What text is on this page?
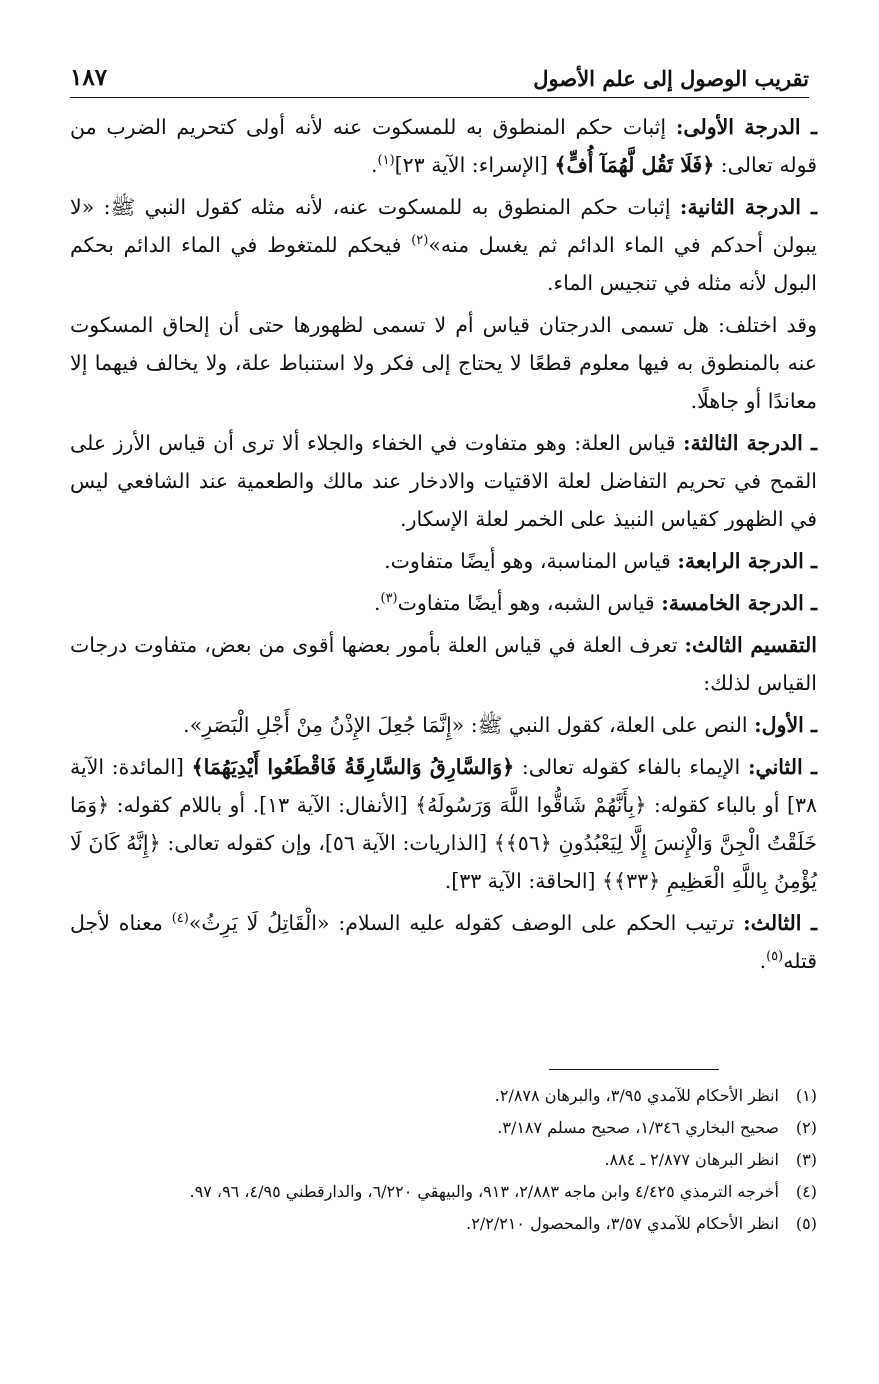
تقريب الوصول إلى علم الأصول
١٨٧

ـ الدرجة الأولى: إثبات حكم المنطوق به للمسكوت عنه لأنه أولى كتحريم الضرب من قوله تعالى: ﴿فَلَا تَقُل لَّهُمَآ أُفٍّ﴾ [الإسراء: الآية ٢٣]$^{(١)}$.

ـ الدرجة الثانية: إثبات حكم المنطوق به للمسكوت عنه، لأنه مثله كقول النبي ﷺ: «لا يبولن أحدكم في الماء الدائم ثم يغسل منه»$^{(٢)}$ فيحكم للمتغوط في الماء الدائم بحكم البول لأنه مثله في تنجيس الماء.

وقد اختلف: هل تسمى الدرجتان قياس أم لا تسمى لظهورها حتى أن إلحاق المسكوت عنه بالمنطوق به فيها معلوم قطعًا لا يحتاج إلى فكر ولا استنباط علة، ولا يخالف فيهما إلا معاندًا أو جاهلًا.

ـ الدرجة الثالثة: قياس العلة: وهو متفاوت في الخفاء والجلاء ألا ترى أن قياس الأرز على القمح في تحريم التفاضل لعلة الاقتيات والادخار عند مالك والطعمية عند الشافعي ليس في الظهور كقياس النبيذ على الخمر لعلة الإسكار.

ـ الدرجة الرابعة: قياس المناسبة، وهو أيضًا متفاوت.

ـ الدرجة الخامسة: قياس الشبه، وهو أيضًا متفاوت$^{(٣)}$.

التقسيم الثالث: تعرف العلة في قياس العلة بأمور بعضها أقوى من بعض، متفاوت درجات القياس لذلك:

ـ الأول: النص على العلة، كقول النبي ﷺ: «إِنَّمَا جُعِلَ الإِذْنُ مِنْ أَجْلِ الْبَصَرِ».

ـ الثاني: الإيماء بالفاء كقوله تعالى: ﴿وَالسَّارِقُ وَالسَّارِقَةُ فَاقْطَعُوا أَيْدِيَهُمَا﴾ [المائدة: الآية ٣٨] أو بالباء كقوله: ﴿بِأَنَّهُمْ شَاقُّوا اللَّهَ وَرَسُولَهُ﴾ [الأنفال: الآية ١٣]. أو باللام كقوله: ﴿وَمَا خَلَقْتُ الْجِنَّ وَالْإِنسَ إِلَّا لِيَعْبُدُونِ ﴿٥٦﴾﴾ [الذاريات: الآية ٥٦]، وإن كقوله تعالى: ﴿إِنَّهُ كَانَ لَا يُؤْمِنُ بِاللَّهِ الْعَظِيمِ ﴿٣٣﴾﴾ [الحاقة: الآية ٣٣].

ـ الثالث: ترتيب الحكم على الوصف كقوله عليه السلام: «الْقَاتِلُ لَا يَرِثُ»$^{(٤)}$ معناه لأجل قتله$^{(٥)}$.

(١)
انظر الأحكام للآمدي ٣/٩٥، والبرهان ٢/٨٧٨.
(٢)
صحيح البخاري ١/٣٤٦، صحيح مسلم ٣/١٨٧.
(٣)
انظر البرهان ٢/٨٧٧ ـ ٨٨٤.
(٤)
أخرجه الترمذي ٤/٤٢٥ وابن ماجه ٢/٨٨٣، ٩١٣، والبيهقي ٦/٢٢٠، والدارقطني ٤/٩٥، ٩٦، ٩٧.
(٥)
انظر الأحكام للآمدي ٣/٥٧، والمحصول ٢/٢/٢١٠.
